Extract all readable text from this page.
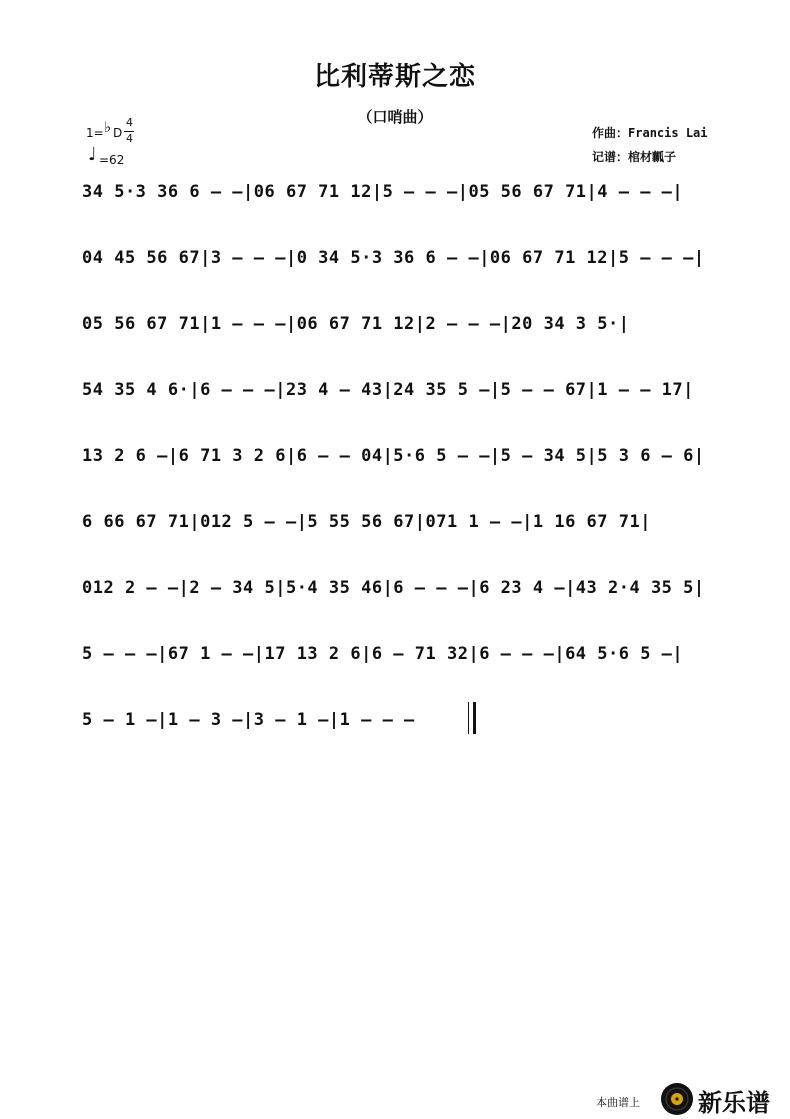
比利蒂斯之恋
（口哨曲）
1= ♭ D
4
4
♩ =62
作曲：Francis Lai
记谱：棺材瓤子
34 5·3 36 6 – –|06 67 71 12|5 – – –|05 56 67 71|4 – – –|
04 45 56 67|3 – – –|0 34 5·3 36 6 – –|06 67 71 12|5 – – –|
05 56 67 71|1 – – –|06 67 71 12|2 – – –|20 34 3 5·|
54 35 4 6·|6 – – –|23 4 – 43|24 35 5 –|5 – – 67|1 – – 17|
13 2 6 –|6 71 3 2 6|6 – – 04|5·6 5 – –|5 – 34 5|5 3 6 – 6|
6 66 67 71|012 5 – –|5 55 56 67|071 1 – –|1 16 67 71|
012 2 – –|2 – 34 5|5·4 35 46|6 – – –|6 23 4 –|43 2·4 35 5|
5 – – –|67 1 – –|17 13 2 6|6 – 71 32|6 – – –|64 5·6 5 –|
5 – 1 –|1 – 3 –|3 – 1 –|1 – – –
本曲谱上 新乐谱
